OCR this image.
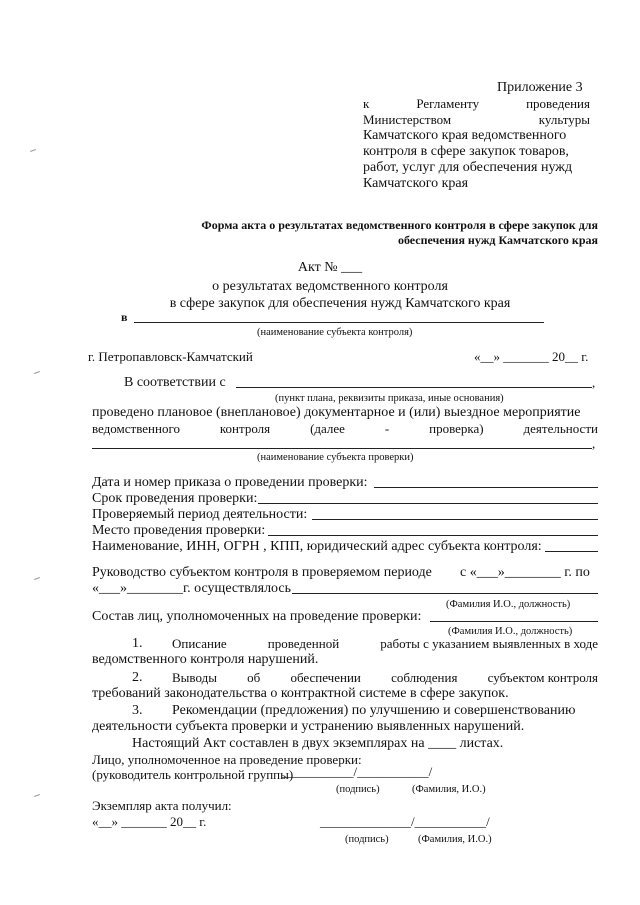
Приложение 3
к	Регламенту	проведения
Министерством	культуры
Камчатского края ведомственного
контроля в сфере закупок товаров,
работ, услуг для обеспечения нужд
Камчатского края
Форма акта о результатах ведомственного контроля в сфере закупок для
обеспечения нужд Камчатского края
Акт № ___
о результатах ведомственного контроля
в сфере закупок для обеспечения нужд Камчатского края
в
(наименование субъекта контроля)
г. Петропавловск-Камчатский	«__» _______ 20__ г.
В соответствии с	,
(пункт плана, реквизиты приказа, иные основания)
проведено плановое (внеплановое) документарное и (или) выездное мероприятие
ведомственного	контроля	(далее	-	проверка)	деятельности
,
(наименование субъекта проверки)
Дата и номер приказа о проведении проверки:
Срок проведения проверки:
Проверяемый период деятельности:
Место проведения проверки:
Наименование, ИНН, ОГРН , КПП, юридический адрес субъекта контроля:
Руководство субъектом контроля в проверяемом периоде с «___»________ г. по
«___»________г. осуществлялось
(Фамилия И.О., должность)
Состав лиц, уполномоченных на проведение проверки:
(Фамилия И.О., должность)
1. Описание	проведенной	работы с указанием выявленных в ходе
ведомственного контроля нарушений.
2. Выводы об обеспечении соблюдения субъектом контроля
требований законодательства о контрактной системе в сфере закупок.
3. Рекомендации (предложения) по улучшению и совершенствованию
деятельности субъекта проверки и устранению выявленных нарушений.
Настоящий Акт составлен в двух экземплярах на ____ листах.
Лицо, уполномоченное на проведение проверки:
(руководитель контрольной группы)
___________/___________/
(подпись)	(Фамилия, И.О.)
Экземпляр акта получил:
«__» _______ 20__ г.	______________/___________/
(подпись)	(Фамилия, И.О.)
